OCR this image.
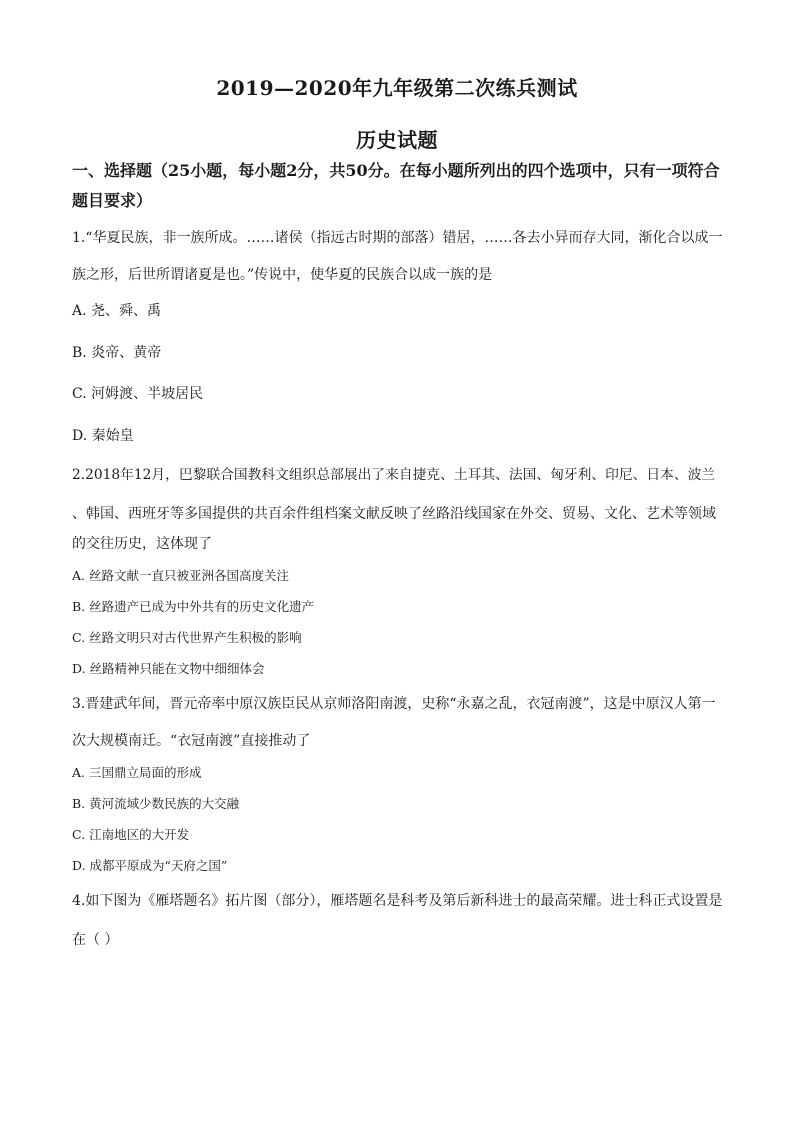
2019—2020年九年级第二次练兵测试
历史试题
一、选择题（25小题，每小题2分，共50分。在每小题所列出的四个选项中，只有一项符合
题目要求）
1.“华夏民族，非一族所成。……诸侯（指远古时期的部落）错居，……各去小异而存大同，渐化合以成一
族之形，后世所谓诸夏是也。”传说中，使华夏的民族合以成一族的是
A. 尧、舜、禹
B. 炎帝、黄帝
C. 河姆渡、半坡居民
D. 秦始皇
2.2018年12月，巴黎联合国教科文组织总部展出了来自捷克、土耳其、法国、匈牙利、印尼、日本、波兰
、韩国、西班牙等多国提供的共百余件组档案文献反映了丝路沿线国家在外交、贸易、文化、艺术等领域
的交往历史，这体现了
A. 丝路文献一直只被亚洲各国高度关注
B. 丝路遗产已成为中外共有的历史文化遗产
C. 丝路文明只对古代世界产生积极的影响
D. 丝路精神只能在文物中细细体会
3.晋建武年间，晋元帝率中原汉族臣民从京师洛阳南渡，史称“永嘉之乱，衣冠南渡”，这是中原汉人第一
次大规模南迁。“衣冠南渡”直接推动了
A. 三国鼎立局面的形成
B. 黄河流域少数民族的大交融
C. 江南地区的大开发
D. 成都平原成为“天府之国”
4.如下图为《雁塔题名》拓片图（部分），雁塔题名是科考及第后新科进士的最高荣耀。进士科正式设置是
在（ ）
